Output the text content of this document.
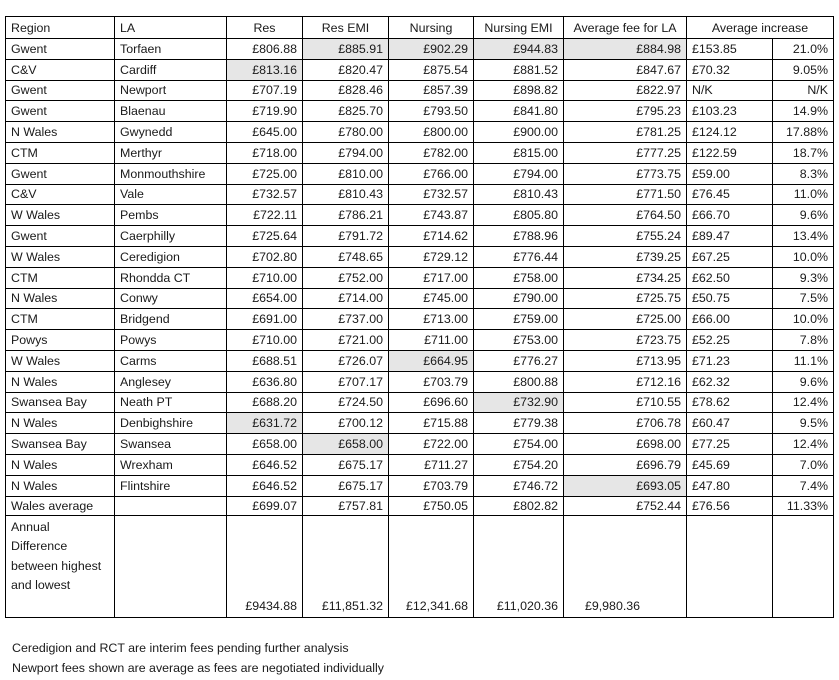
Region	LA	Res	Res EMI	Nursing	Nursing EMI	Average fee for LA	Average increase	
Gwent	Torfaen	£806.88	£885.91	£902.29	£944.83	£884.98	£153.85	21.0%
C&V	Cardiff	£813.16	£820.47	£875.54	£881.52	£847.67	£70.32	9.05%
Gwent	Newport	£707.19	£828.46	£857.39	£898.82	£822.97	N/K	N/K
Gwent	Blaenau	£719.90	£825.70	£793.50	£841.80	£795.23	£103.23	14.9%
N Wales	Gwynedd	£645.00	£780.00	£800.00	£900.00	£781.25	£124.12	17.88%
CTM	Merthyr	£718.00	£794.00	£782.00	£815.00	£777.25	£122.59	18.7%
Gwent	Monmouthshire	£725.00	£810.00	£766.00	£794.00	£773.75	£59.00	8.3%
C&V	Vale	£732.57	£810.43	£732.57	£810.43	£771.50	£76.45	11.0%
W Wales	Pembs	£722.11	£786.21	£743.87	£805.80	£764.50	£66.70	9.6%
Gwent	Caerphilly	£725.64	£791.72	£714.62	£788.96	£755.24	£89.47	13.4%
W Wales	Ceredigion	£702.80	£748.65	£729.12	£776.44	£739.25	£67.25	10.0%
CTM	Rhondda CT	£710.00	£752.00	£717.00	£758.00	£734.25	£62.50	9.3%
N Wales	Conwy	£654.00	£714.00	£745.00	£790.00	£725.75	£50.75	7.5%
CTM	Bridgend	£691.00	£737.00	£713.00	£759.00	£725.00	£66.00	10.0%
Powys	Powys	£710.00	£721.00	£711.00	£753.00	£723.75	£52.25	7.8%
W Wales	Carms	£688.51	£726.07	£664.95	£776.27	£713.95	£71.23	11.1%
N Wales	Anglesey	£636.80	£707.17	£703.79	£800.88	£712.16	£62.32	9.6%
Swansea Bay	Neath PT	£688.20	£724.50	£696.60	£732.90	£710.55	£78.62	12.4%
N Wales	Denbighshire	£631.72	£700.12	£715.88	£779.38	£706.78	£60.47	9.5%
Swansea Bay	Swansea	£658.00	£658.00	£722.00	£754.00	£698.00	£77.25	12.4%
N Wales	Wrexham	£646.52	£675.17	£711.27	£754.20	£696.79	£45.69	7.0%
N Wales	Flintshire	£646.52	£675.17	£703.79	£746.72	£693.05	£47.80	7.4%
Wales average		£699.07	£757.81	£750.05	£802.82	£752.44	£76.56	11.33%
Annual Difference between highest and lowest		£9434.88	£11,851.32	£12,341.68	£11,020.36	£9,980.36		
Ceredigion and RCT are interim fees pending further analysis
Newport fees shown are average as fees are negotiated individually
